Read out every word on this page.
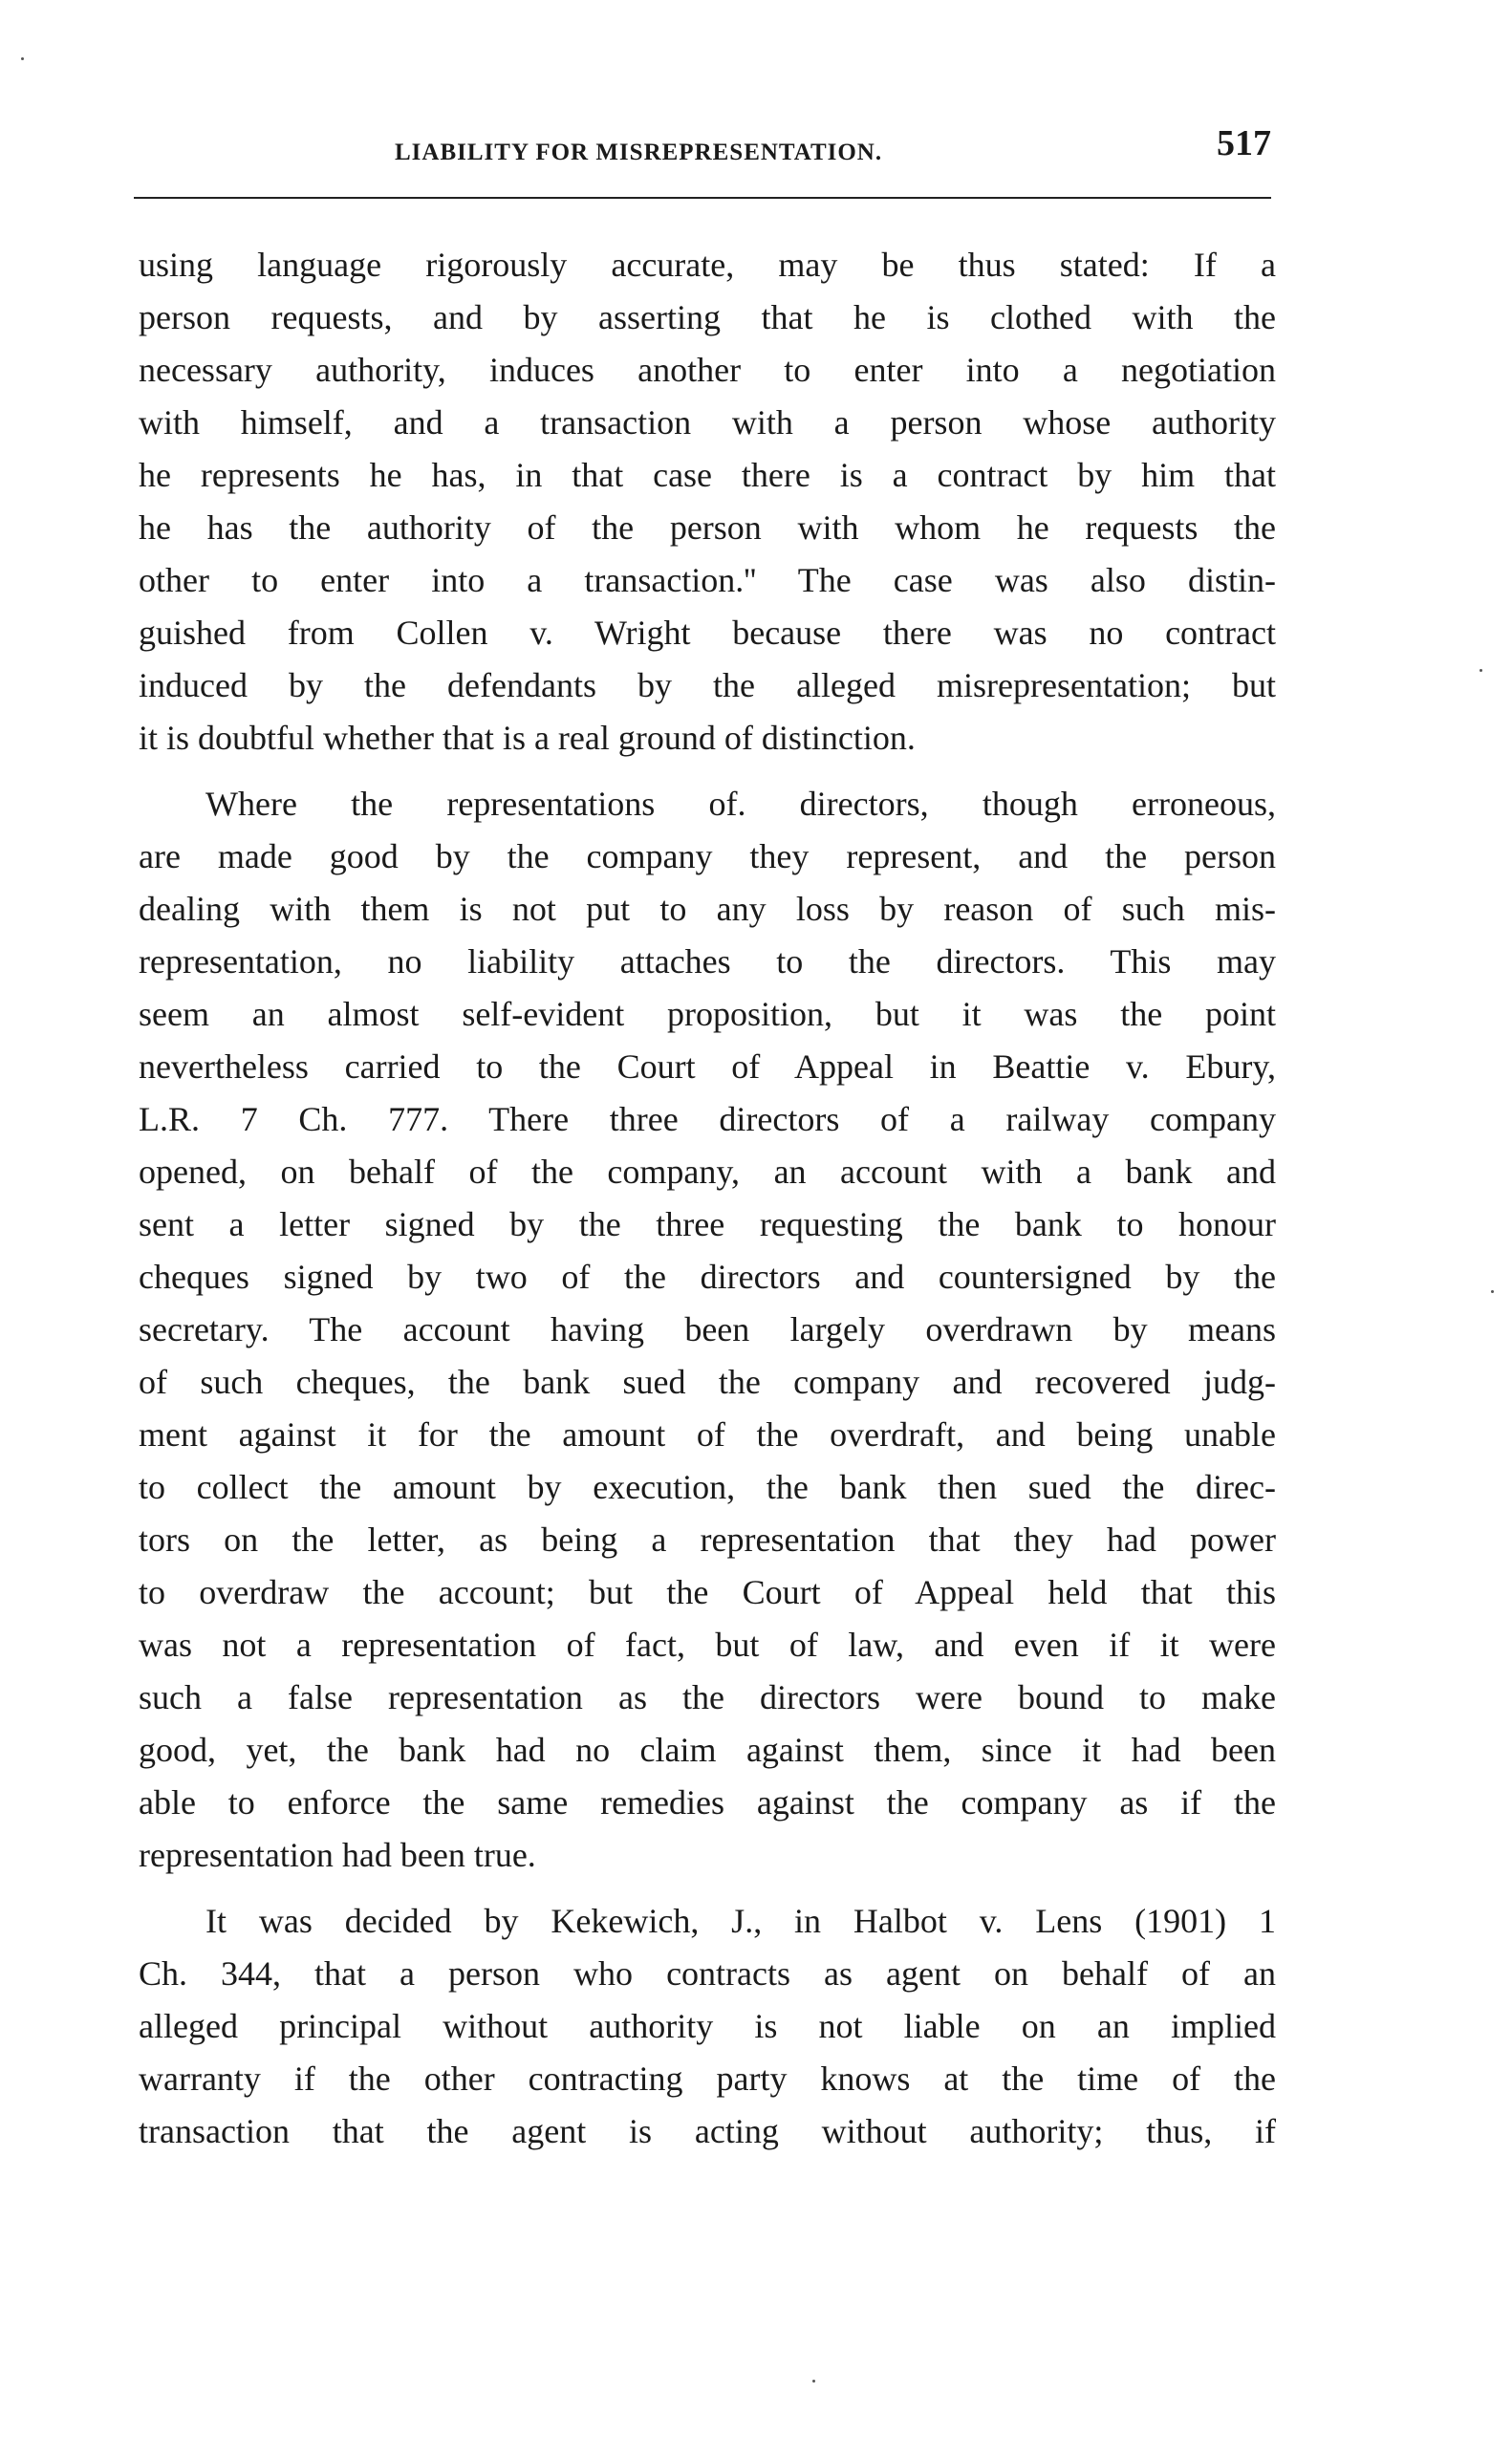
LIABILITY FOR MISREPRESENTATION.	517
using language rigorously accurate, may be thus stated: If a
person requests, and by asserting that he is clothed with the
necessary authority, induces another to enter into a negotiation
with himself, and a transaction with a person whose authority
he represents he has, in that case there is a contract by him that
he has the authority of the person with whom he requests the
other to enter into a transaction.'' The case was also distin-
guished from Collen v. Wright because there was no contract
induced by the defendants by the alleged misrepresentation; but
it is doubtful whether that is a real ground of distinction.
Where the representations of. directors, though erroneous,
are made good by the company they represent, and the person
dealing with them is not put to any loss by reason of such mis-
representation, no liability attaches to the directors. This may
seem an almost self-evident proposition, but it was the point
nevertheless carried to the Court of Appeal in Beattie v. Ebury,
L.R. 7 Ch. 777. There three directors of a railway company
opened, on behalf of the company, an account with a bank and
sent a letter signed by the three requesting the bank to honour
cheques signed by two of the directors and countersigned by the
secretary. The account having been largely overdrawn by means
of such cheques, the bank sued the company and recovered judg-
ment against it for the amount of the overdraft, and being unable
to collect the amount by execution, the bank then sued the direc-
tors on the letter, as being a representation that they had power
to overdraw the account; but the Court of Appeal held that this
was not a representation of fact, but of law, and even if it were
such a false representation as the directors were bound to make
good, yet, the bank had no claim against them, since it had been
able to enforce the same remedies against the company as if the
representation had been true.
It was decided by Kekewich, J., in Halbot v. Lens (1901) 1
Ch. 344, that a person who contracts as agent on behalf of an
alleged principal without authority is not liable on an implied
warranty if the other contracting party knows at the time of the
transaction that the agent is acting without authority; thus, if
